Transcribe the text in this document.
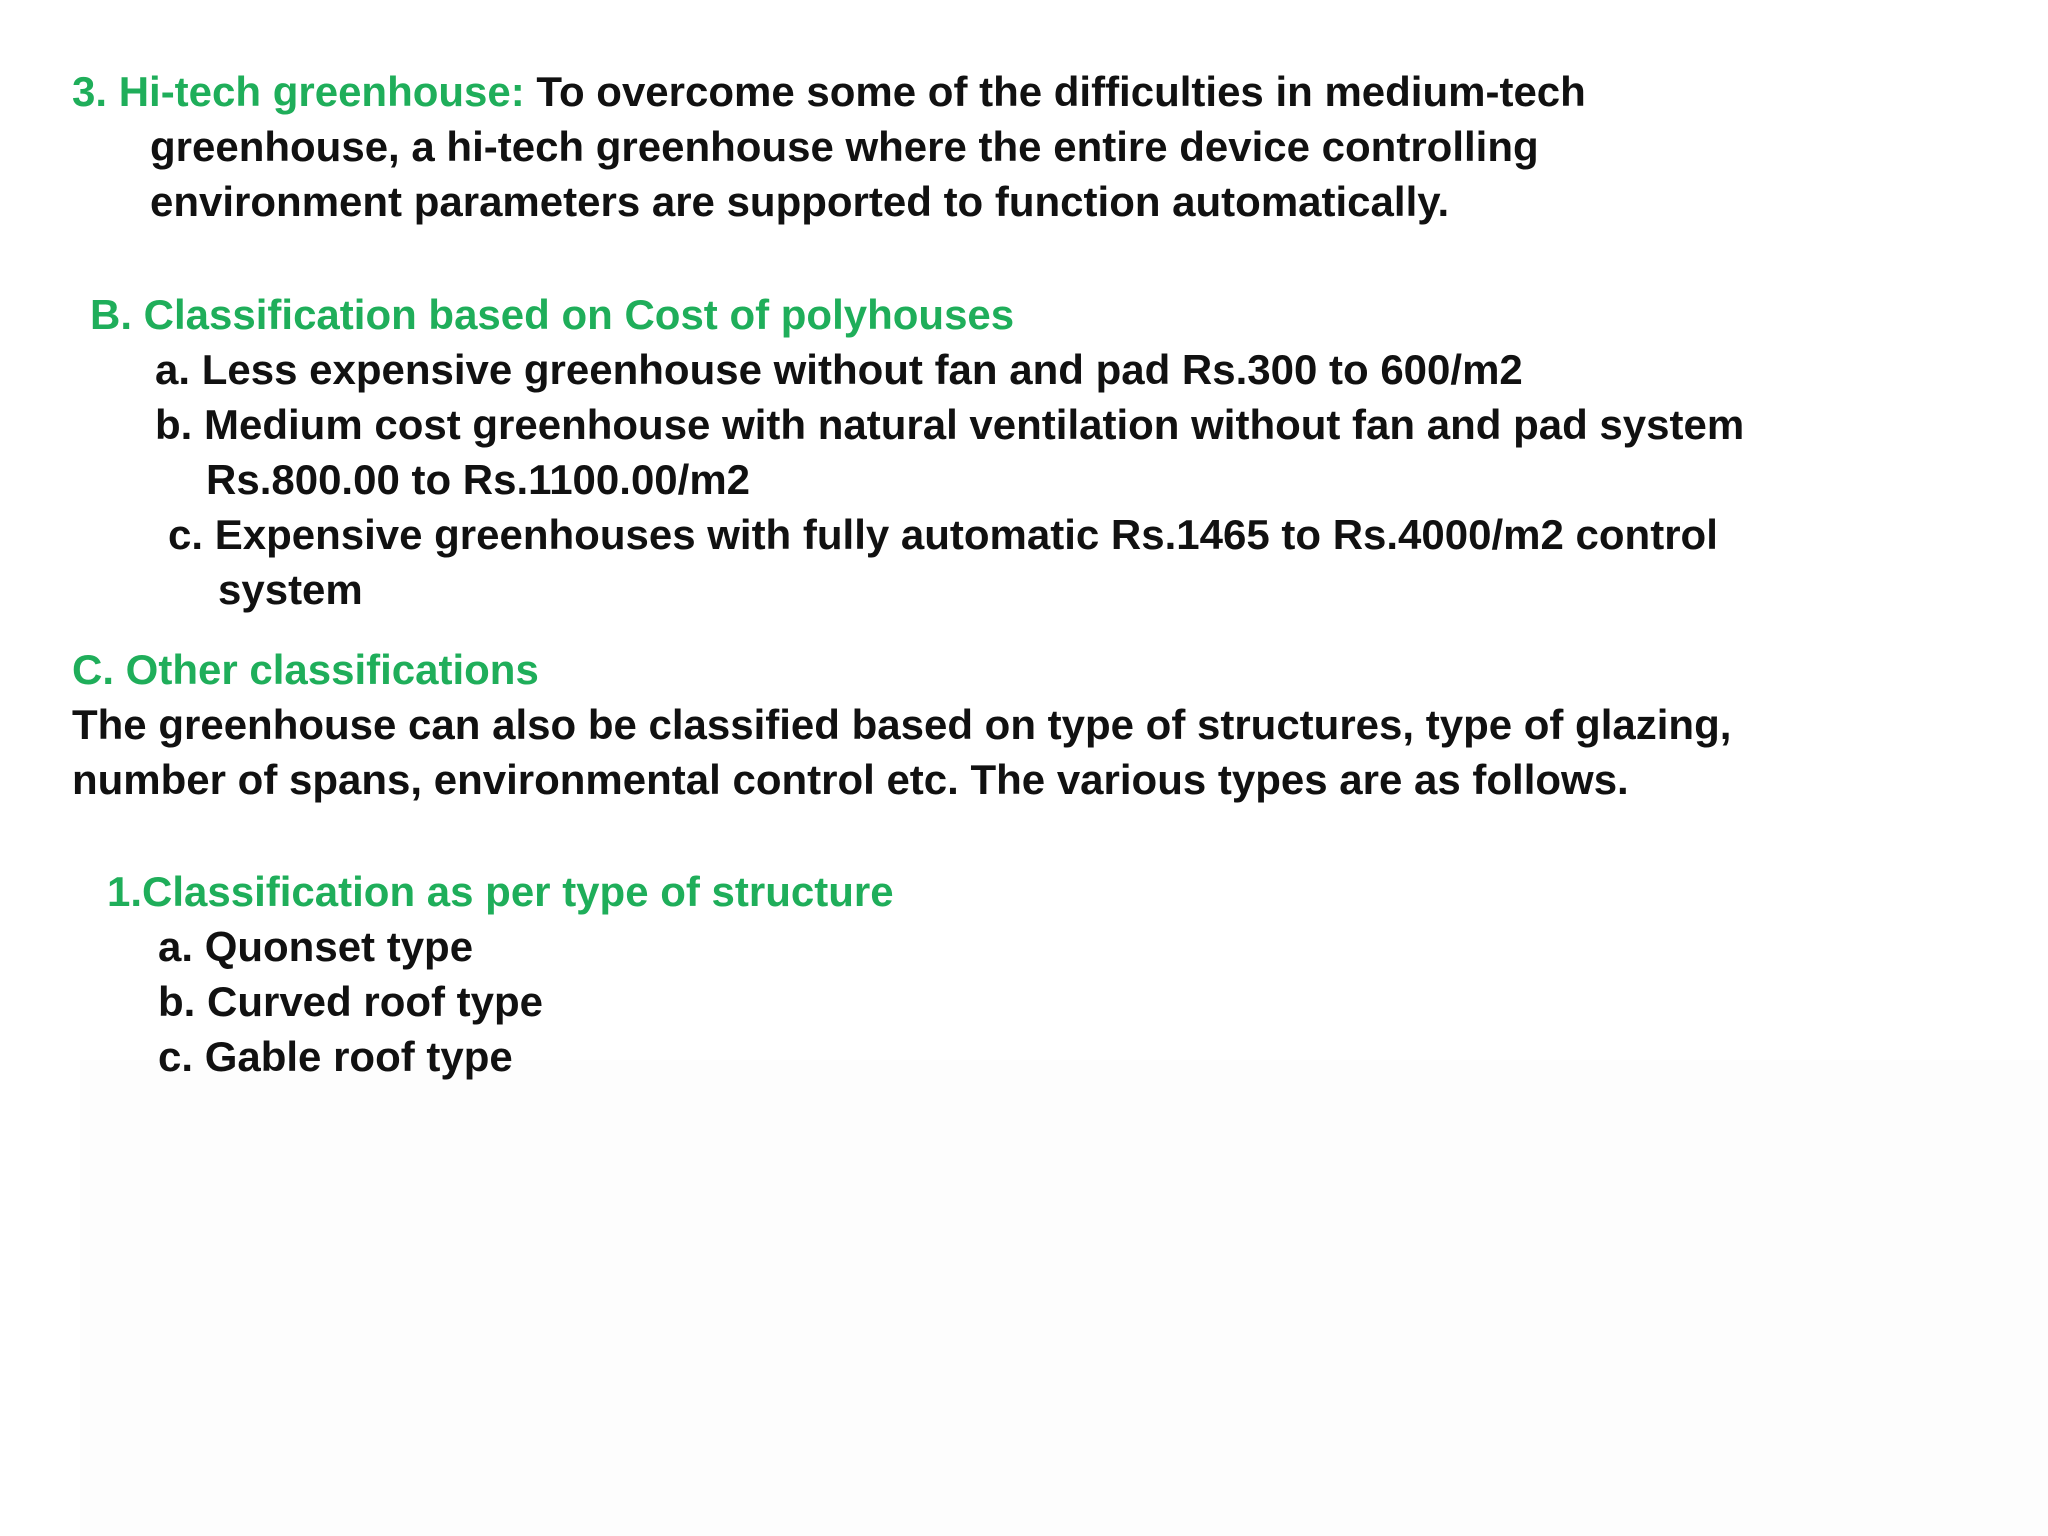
3. Hi-tech greenhouse: To overcome some of the difficulties in medium-tech
greenhouse, a hi-tech greenhouse where the entire device controlling
environment parameters are supported to function automatically.
B. Classification based on Cost of polyhouses
a. Less expensive greenhouse without fan and pad Rs.300 to 600/m2
b. Medium cost greenhouse with natural ventilation without fan and pad system
Rs.800.00 to Rs.1100.00/m2
c. Expensive greenhouses with fully automatic Rs.1465 to Rs.4000/m2 control
system
C. Other classifications
The greenhouse can also be classified based on type of structures, type of glazing,
number of spans, environmental control etc. The various types are as follows.
1.Classification as per type of structure
a. Quonset type
b. Curved roof type
c. Gable roof type
